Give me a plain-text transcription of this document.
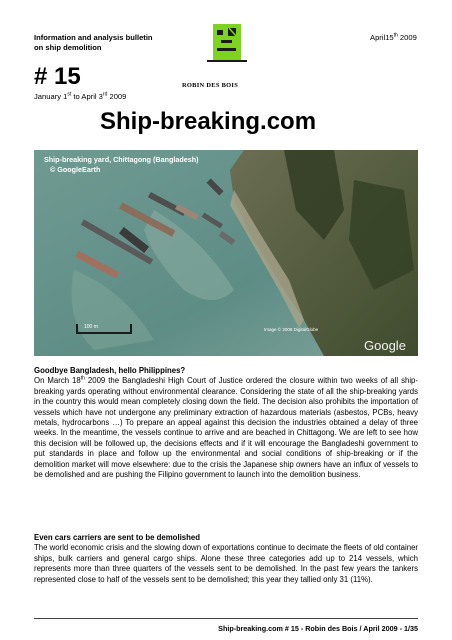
Information and analysis bulletin
on ship demolition
April15th 2009
ROBIN DES BOIS
# 15
January 1st to April 3rd 2009
Ship-breaking.com
100 m	Image © 2008 DigitalGlobe
Google
Ship-breaking yard, Chittagong (Bangladesh)
© GoogleEarth
Goodbye Bangladesh, hello Philippines?

On March 18th 2009 the Bangladeshi High Court of Justice ordered the closure within two weeks of all ship-breaking yards operating without environmental clearance. Considering the state of all the ship-breaking yards in the country this would mean completely closing down the field. The decision also prohibits the importation of vessels which have not undergone any preliminary extraction of hazardous materials (asbestos, PCBs, heavy metals, hydrocarbons …) To prepare an appeal against this decision the industries obtained a delay of three weeks. In the meantime, the vessels continue to arrive and are beached in Chittagong. We are left to see how this decision will be followed up, the decisions effects and if it will encourage the Bangladeshi government to put standards in place and follow up the environmental and social conditions of ship-breaking or if the demolition market will move elsewhere: due to the crisis the Japanese ship owners have an influx of vessels to be demolished and are pushing the Filipino government to launch into the demolition business.

Even cars carriers are sent to be demolished

The world economic crisis and the slowing down of exportations continue to decimate the fleets of old container ships, bulk carriers and general cargo ships. Alone these three categories add up to 214 vessels, which represents more than three quarters of the vessels sent to be demolished. In the past few years the tankers represented close to half of the vessels sent to be demolished; this year they tallied only 31 (11%).

Ship-breaking.com # 15 - Robin des Bois / April 2009 - 1/35
